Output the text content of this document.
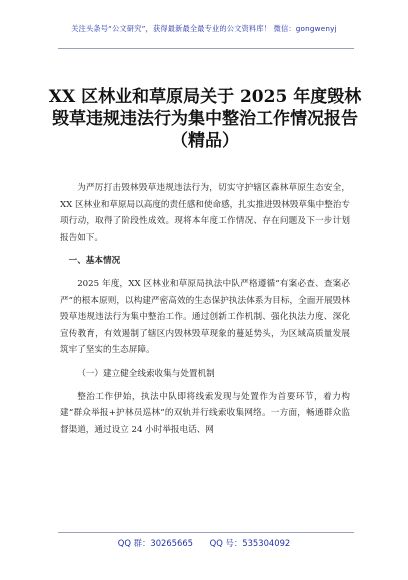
关注头条号“公文研究”，获得最新最全最专业的公文资料库！ 微信：gongwenyj
XX 区林业和草原局关于 2025 年度毁林
毁草违规违法行为集中整治工作情况报告
（精品）

为严厉打击毁林毁草违规违法行为，切实守护辖区森林草原生态安全，XX 区林业和草原局以高度的责任感和使命感，扎实推进毁林毁草集中整治专项行动，取得了阶段性成效。现将本年度工作情况、存在问题及下一步计划报告如下。

一、基本情况

2025 年度，XX 区林业和草原局执法中队严格遵循“有案必查、查案必严”的根本原则，以构建严密高效的生态保护执法体系为目标，全面开展毁林毁草违规违法行为集中整治工作。通过创新工作机制、强化执法力度、深化宣传教育，有效遏制了辖区内毁林毁草现象的蔓延势头，为区域高质量发展筑牢了坚实的生态屏障。

（一）建立健全线索收集与处置机制

整治工作伊始，执法中队即将线索发现与处置作为首要环节，着力构建“群众举报+护林员巡林”的双轨并行线索收集网络。一方面，畅通群众监督渠道，通过设立 24 小时举报电话、网

QQ 群：30265665 QQ 号：535304092
